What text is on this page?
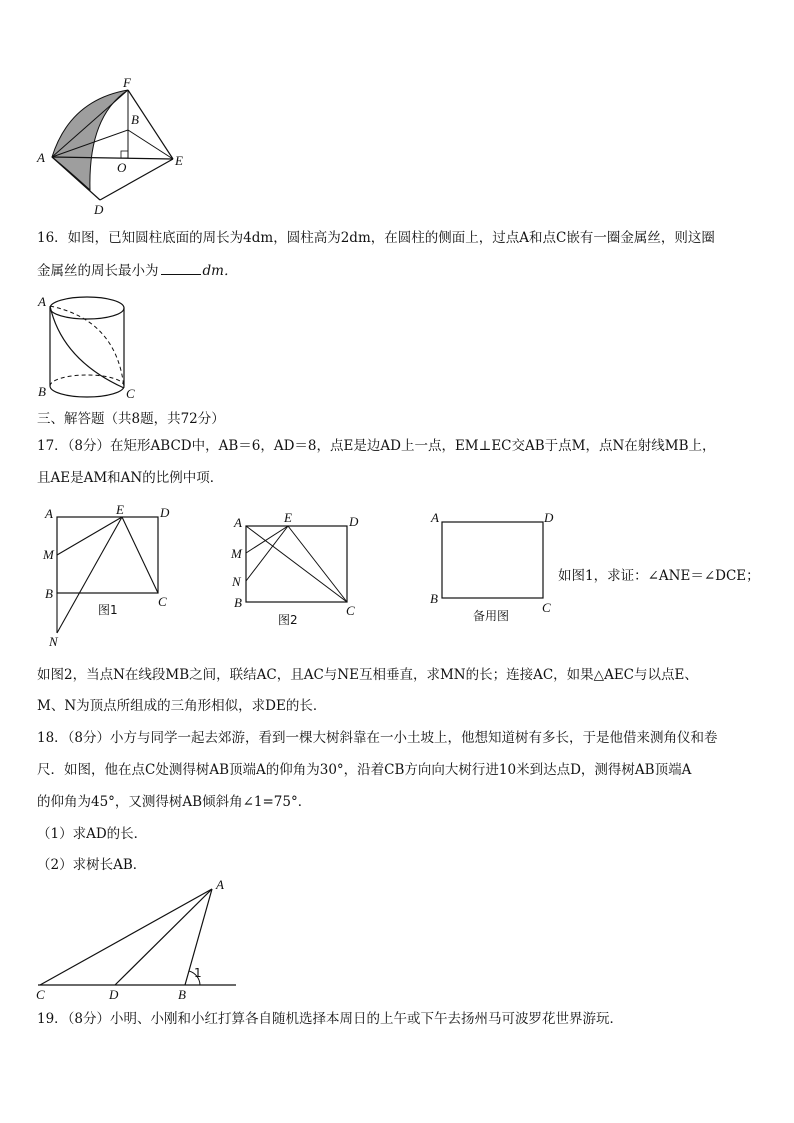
F
B
A
O	E
D
16．如图，已知圆柱底面的周长为4dm，圆柱高为2dm，在圆柱的侧面上，过点A和点C嵌有一圈金属丝，则这圈
金属丝的周长最小为	dm．
A
B	C
三、解答题（共8题，共72分）
17．（8分）在矩形ABCD中，AB＝6，AD＝8，点E是边AD上一点，EM⊥EC交AB于点M，点N在射线MB上，
且AE是AM和AN的比例中项．
A	E	D
M
B
C
N
图1
A	E	D
M
N
B
C
图2
A	D
B
C
备用图
如图1，求证：∠ANE＝∠DCE；
如图2，当点N在线段MB之间，联结AC，且AC与NE互相垂直，求MN的长；连接AC，如果△AEC与以点E、
M、N为顶点所组成的三角形相似，求DE的长．
18．（8分）小方与同学一起去郊游，看到一棵大树斜靠在一小土坡上，他想知道树有多长，于是他借来测角仪和卷
尺．如图，他在点C处测得树AB顶端A的仰角为30°，沿着CB方向向大树行进10米到达点D，测得树AB顶端A
的仰角为45°，又测得树AB倾斜角∠1=75°．
（1）求AD的长．
（2）求树长AB．
A
C	D	B
1
19．（8分）小明、小刚和小红打算各自随机选择本周日的上午或下午去扬州马可波罗花世界游玩．
